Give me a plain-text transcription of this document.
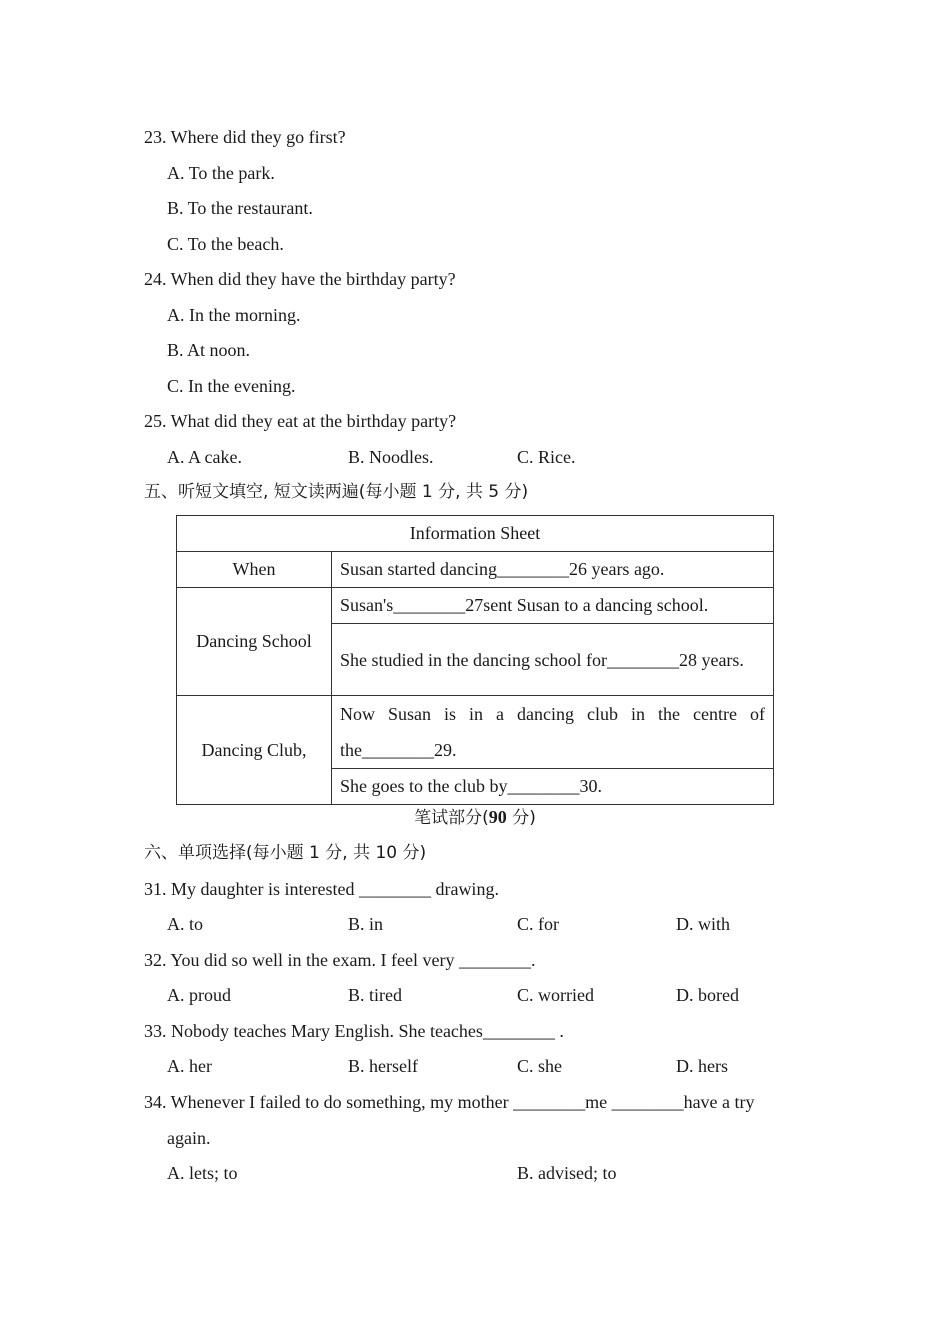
23. Where did they go first?
A. To the park.
B. To the restaurant.
C. To the beach.
24. When did they have the birthday party?
A. In the morning.
B. At noon.
C. In the evening.
25. What did they eat at the birthday party?
A. A cake.	B. Noodles.	C. Rice.
五、听短文填空, 短文读两遍(每小题 1 分, 共 5 分)
Information Sheet	
When	Susan started dancing________26 years ago.
Dancing School	Susan's________27sent Susan to a dancing school.
	She studied in the dancing school for________28 years.
Dancing Club,	Now Susan is in a dancing club in the centre of the________29.
	She goes to the club by________30.
笔试部分(90 分)
六、单项选择(每小题 1 分, 共 10 分)
31. My daughter is interested ________ drawing.
A. to	B. in	C. for	D. with
32. You did so well in the exam. I feel very ________.
A. proud	B. tired	C. worried	D. bored
33. Nobody teaches Mary English. She teaches________ .
A. her	B. herself	C. she	D. hers
34. Whenever I failed to do something, my mother ________me ________have a try
again.
A. lets; to	B. advised; to
